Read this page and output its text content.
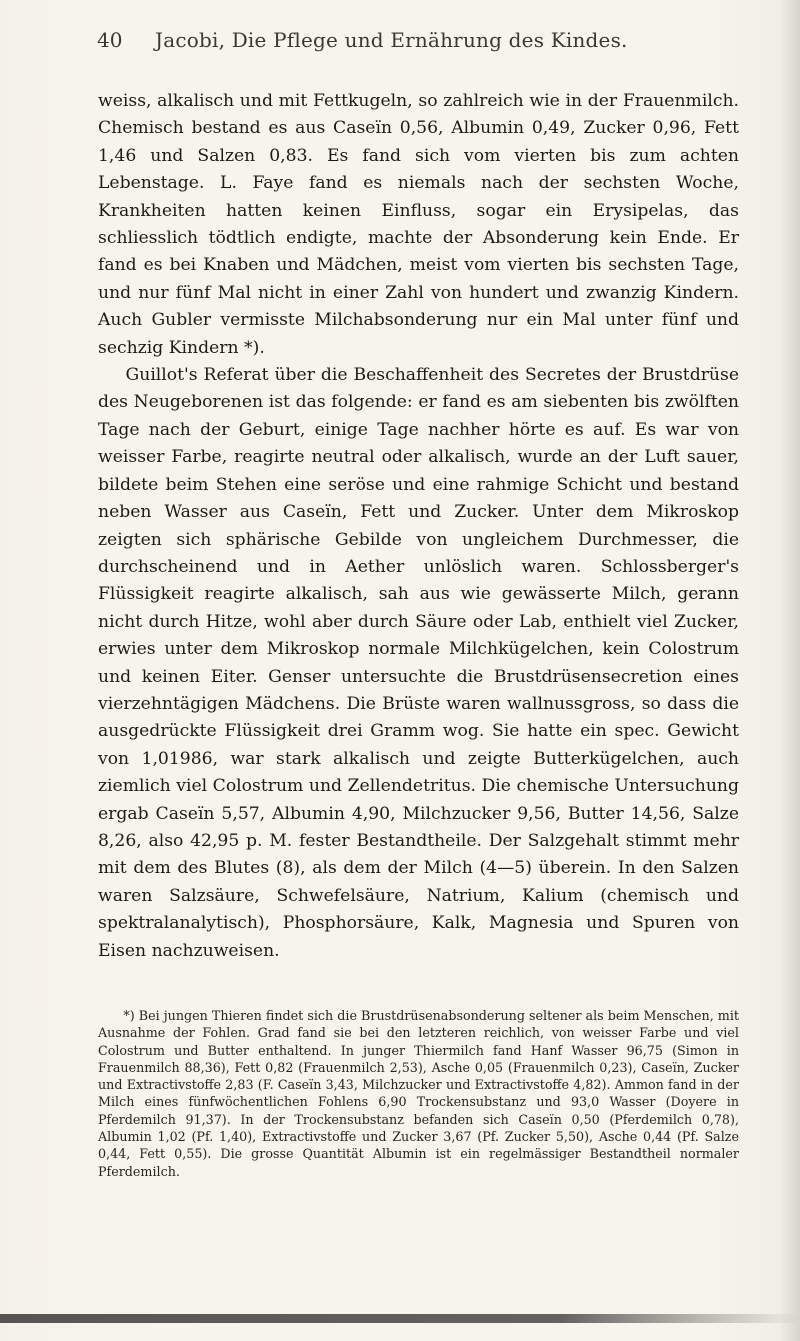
40 Jacobi, Die Pflege und Ernährung des Kindes.

weiss, alkalisch und mit Fettkugeln, so zahlreich wie in der Frauenmilch. Chemisch bestand es aus Caseïn 0,56, Albumin 0,49, Zucker 0,96, Fett 1,46 und Salzen 0,83. Es fand sich vom vierten bis zum achten Lebenstage. L. Faye fand es niemals nach der sechsten Woche, Krankheiten hatten keinen Einfluss, sogar ein Erysipelas, das schliesslich tödtlich endigte, machte der Absonderung kein Ende. Er fand es bei Knaben und Mädchen, meist vom vierten bis sechsten Tage, und nur fünf Mal nicht in einer Zahl von hundert und zwanzig Kindern. Auch Gubler vermisste Milchabsonderung nur ein Mal unter fünf und sechzig Kindern *).

Guillot's Referat über die Beschaffenheit des Secretes der Brustdrüse des Neugeborenen ist das folgende: er fand es am siebenten bis zwölften Tage nach der Geburt, einige Tage nachher hörte es auf. Es war von weisser Farbe, reagirte neutral oder alkalisch, wurde an der Luft sauer, bildete beim Stehen eine seröse und eine rahmige Schicht und bestand neben Wasser aus Caseïn, Fett und Zucker. Unter dem Mikroskop zeigten sich sphärische Gebilde von ungleichem Durchmesser, die durchscheinend und in Aether unlöslich waren. Schlossberger's Flüssigkeit reagirte alkalisch, sah aus wie gewässerte Milch, gerann nicht durch Hitze, wohl aber durch Säure oder Lab, enthielt viel Zucker, erwies unter dem Mikroskop normale Milchkügelchen, kein Colostrum und keinen Eiter. Genser untersuchte die Brustdrüsensecretion eines vierzehntägigen Mädchens. Die Brüste waren wallnussgross, so dass die ausgedrückte Flüssigkeit drei Gramm wog. Sie hatte ein spec. Gewicht von 1,01986, war stark alkalisch und zeigte Butterkügelchen, auch ziemlich viel Colostrum und Zellendetritus. Die chemische Untersuchung ergab Caseïn 5,57, Albumin 4,90, Milchzucker 9,56, Butter 14,56, Salze 8,26, also 42,95 p. M. fester Bestandtheile. Der Salzgehalt stimmt mehr mit dem des Blutes (8), als dem der Milch (4—5) überein. In den Salzen waren Salzsäure, Schwefelsäure, Natrium, Kalium (chemisch und spektralanalytisch), Phosphorsäure, Kalk, Magnesia und Spuren von Eisen nachzuweisen.

*) Bei jungen Thieren findet sich die Brustdrüsenabsonderung seltener als beim Menschen, mit Ausnahme der Fohlen. Grad fand sie bei den letzteren reichlich, von weisser Farbe und viel Colostrum und Butter enthaltend. In junger Thiermilch fand Hanf Wasser 96,75 (Simon in Frauenmilch 88,36), Fett 0,82 (Frauenmilch 2,53), Asche 0,05 (Frauenmilch 0,23), Caseïn, Zucker und Extractivstoffe 2,83 (F. Caseïn 3,43, Milchzucker und Extractivstoffe 4,82). Ammon fand in der Milch eines fünfwöchentlichen Fohlens 6,90 Trockensubstanz und 93,0 Wasser (Doyere in Pferdemilch 91,37). In der Trockensubstanz befanden sich Caseïn 0,50 (Pferdemilch 0,78), Albumin 1,02 (Pf. 1,40), Extractivstoffe und Zucker 3,67 (Pf. Zucker 5,50), Asche 0,44 (Pf. Salze 0,44, Fett 0,55). Die grosse Quantität Albumin ist ein regelmässiger Bestandtheil normaler Pferdemilch.
